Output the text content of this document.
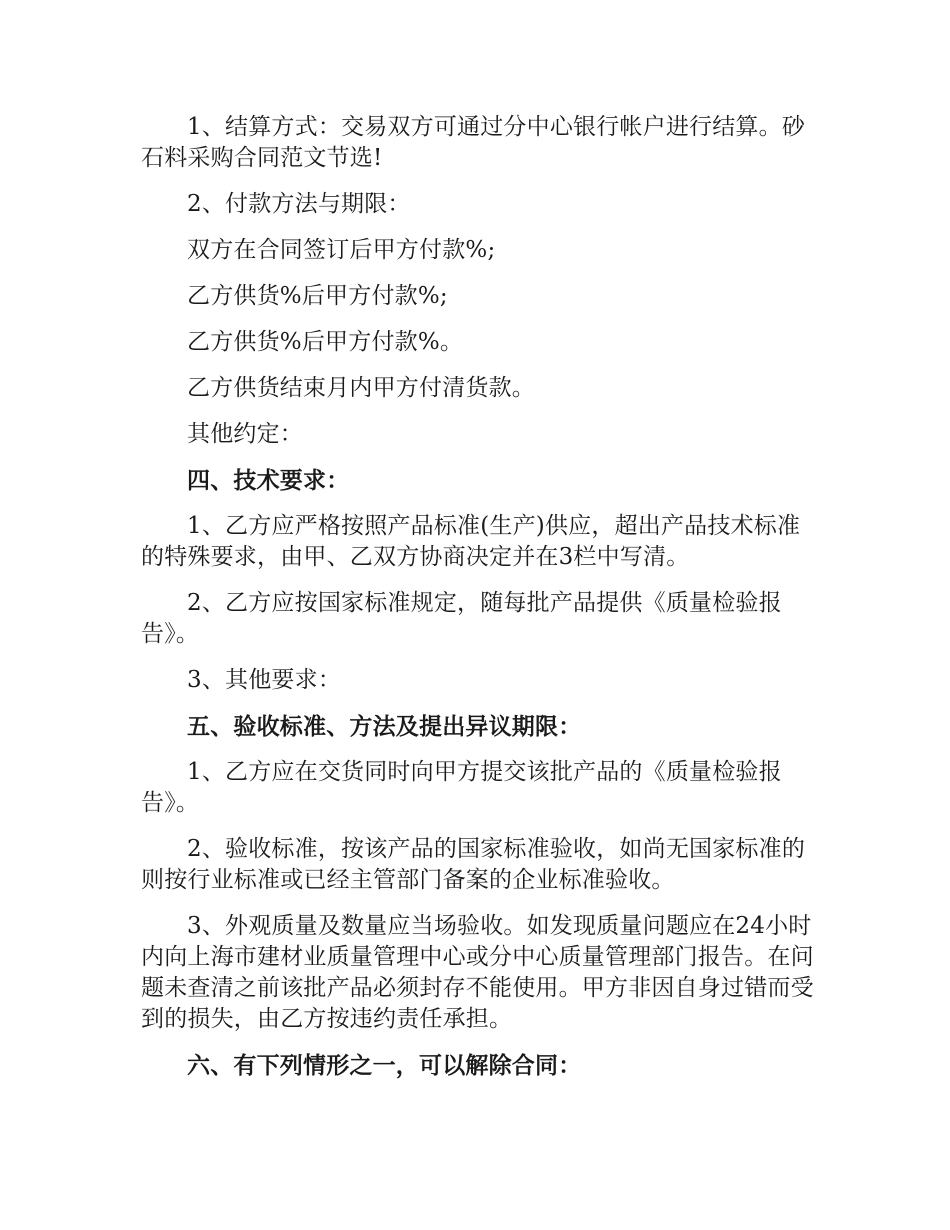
1、结算方式：交易双方可通过分中心银行帐户进行结算。砂石料采购合同范文节选!

2、付款方法与期限：

双方在合同签订后甲方付款%;

乙方供货%后甲方付款%;

乙方供货%后甲方付款%。

乙方供货结束月内甲方付清货款。

其他约定：

四、技术要求：

1、乙方应严格按照产品标准(生产)供应，超出产品技术标准的特殊要求，由甲、乙双方协商决定并在3栏中写清。

2、乙方应按国家标准规定，随每批产品提供《质量检验报告》。

3、其他要求：

五、验收标准、方法及提出异议期限：

1、乙方应在交货同时向甲方提交该批产品的《质量检验报告》。

2、验收标准，按该产品的国家标准验收，如尚无国家标准的则按行业标准或已经主管部门备案的企业标准验收。

3、外观质量及数量应当场验收。如发现质量问题应在24小时内向上海市建材业质量管理中心或分中心质量管理部门报告。在问题未查清之前该批产品必须封存不能使用。甲方非因自身过错而受到的损失，由乙方按违约责任承担。

六、有下列情形之一，可以解除合同：
